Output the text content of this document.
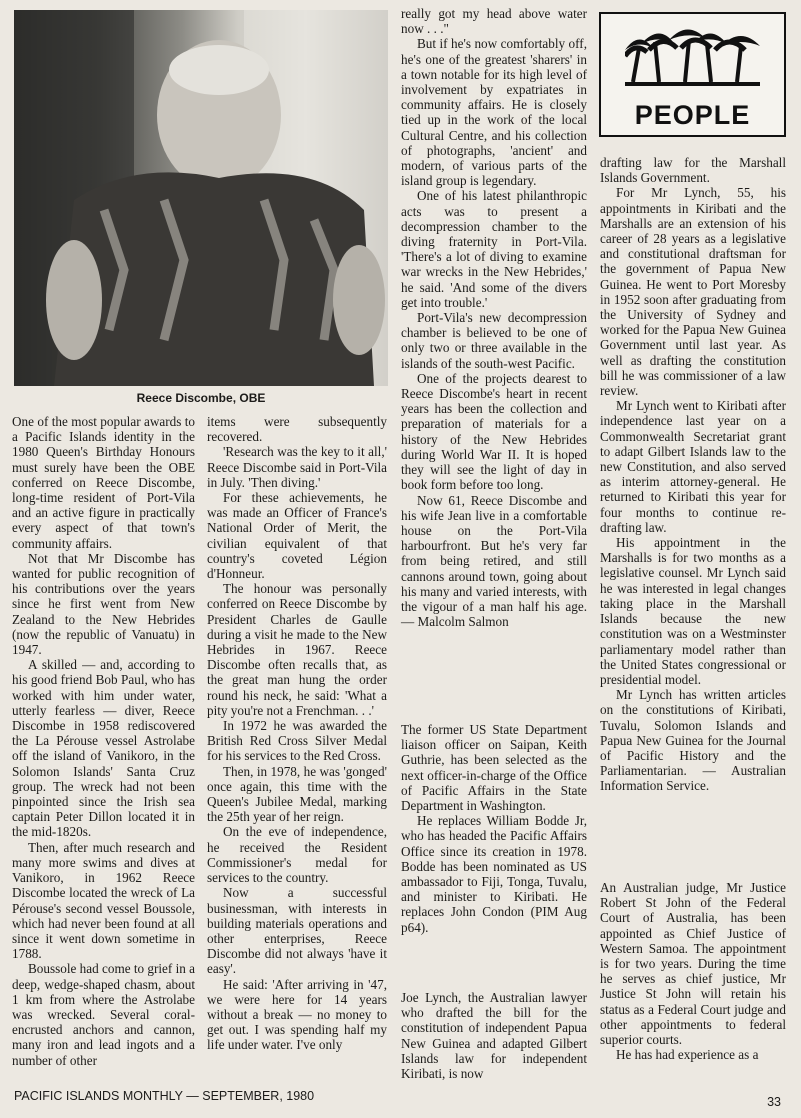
Reece Discombe, OBE

One of the most popular awards to a Pacific Islands identity in the 1980 Queen's Birthday Honours must surely have been the OBE conferred on Reece Discombe, long-time resident of Port-Vila and an active figure in practically every aspect of that town's community affairs.

Not that Mr Discombe has wanted for public recognition of his contributions over the years since he first went from New Zealand to the New Hebrides (now the republic of Vanuatu) in 1947.

A skilled — and, according to his good friend Bob Paul, who has worked with him under water, utterly fearless — diver, Reece Discombe in 1958 rediscovered the La Pérouse vessel Astrolabe off the island of Vanikoro, in the Solomon Islands' Santa Cruz group. The wreck had not been pinpointed since the Irish sea captain Peter Dillon located it in the mid-1820s.

Then, after much research and many more swims and dives at Vanikoro, in 1962 Reece Discombe located the wreck of La Pérouse's second vessel Boussole, which had never been found at all since it went down sometime in 1788.

Boussole had come to grief in a deep, wedge-shaped chasm, about 1 km from where the Astrolabe was wrecked. Several coral-encrusted anchors and cannon, many iron and lead ingots and a number of other

items were subsequently recovered.

'Research was the key to it all,' Reece Discombe said in Port-Vila in July. 'Then diving.'

For these achievements, he was made an Officer of France's National Order of Merit, the civilian equivalent of that country's coveted Légion d'Honneur.

The honour was personally conferred on Reece Discombe by President Charles de Gaulle during a visit he made to the New Hebrides in 1967. Reece Discombe often recalls that, as the great man hung the order round his neck, he said: 'What a pity you're not a Frenchman. . .'

In 1972 he was awarded the British Red Cross Silver Medal for his services to the Red Cross.

Then, in 1978, he was 'gonged' once again, this time with the Queen's Jubilee Medal, marking the 25th year of her reign.

On the eve of independence, he received the Resident Commissioner's medal for services to the country.

Now a successful businessman, with interests in building materials operations and other enterprises, Reece Discombe did not always 'have it easy'.

He said: 'After arriving in '47, we were here for 14 years without a break — no money to get out. I was spending half my life under water. I've only

really got my head above water now . . ."

But if he's now comfortably off, he's one of the greatest 'sharers' in a town notable for its high level of involvement by expatriates in community affairs. He is closely tied up in the work of the local Cultural Centre, and his collection of photographs, 'ancient' and modern, of various parts of the island group is legendary.

One of his latest philanthropic acts was to present a decompression chamber to the diving fraternity in Port-Vila. 'There's a lot of diving to examine war wrecks in the New Hebrides,' he said. 'And some of the divers get into trouble.'

Port-Vila's new decompression chamber is believed to be one of only two or three available in the islands of the south-west Pacific.

One of the projects dearest to Reece Discombe's heart in recent years has been the collection and preparation of materials for a history of the New Hebrides during World War II. It is hoped they will see the light of day in book form before too long.

Now 61, Reece Discombe and his wife Jean live in a comfortable house on the Port-Vila harbourfront. But he's very far from being retired, and still cannons around town, going about his many and varied interests, with the vigour of a man half his age. — Malcolm Salmon

The former US State Department liaison officer on Saipan, Keith Guthrie, has been selected as the next officer-in-charge of the Office of Pacific Affairs in the State Department in Washington.

He replaces William Bodde Jr, who has headed the Pacific Affairs Office since its creation in 1978. Bodde has been nominated as US ambassador to Fiji, Tonga, Tuvalu, and minister to Kiribati. He replaces John Condon (PIM Aug p64).

Joe Lynch, the Australian lawyer who drafted the bill for the constitution of independent Papua New Guinea and adapted Gilbert Islands law for independent Kiribati, is now

PEOPLE

drafting law for the Marshall Islands Government.

For Mr Lynch, 55, his appointments in Kiribati and the Marshalls are an extension of his career of 28 years as a legislative and constitutional draftsman for the government of Papua New Guinea. He went to Port Moresby in 1952 soon after graduating from the University of Sydney and worked for the Papua New Guinea Government until last year. As well as drafting the constitution bill he was commissioner of a law review.

Mr Lynch went to Kiribati after independence last year on a Commonwealth Secretariat grant to adapt Gilbert Islands law to the new Constitution, and also served as interim attorney-general. He returned to Kiribati this year for four months to continue re-drafting law.

His appointment in the Marshalls is for two months as a legislative counsel. Mr Lynch said he was interested in legal changes taking place in the Marshall Islands because the new constitution was on a Westminster parliamentary model rather than the United States congressional or presidential model.

Mr Lynch has written articles on the constitutions of Kiribati, Tuvalu, Solomon Islands and Papua New Guinea for the Journal of Pacific History and the Parliamentarian. — Australian Information Service.

An Australian judge, Mr Justice Robert St John of the Federal Court of Australia, has been appointed as Chief Justice of Western Samoa. The appointment is for two years. During the time he serves as chief justice, Mr Justice St John will retain his status as a Federal Court judge and other appointments to federal superior courts.

He has had experience as a

PACIFIC ISLANDS MONTHLY — SEPTEMBER, 1980	33
